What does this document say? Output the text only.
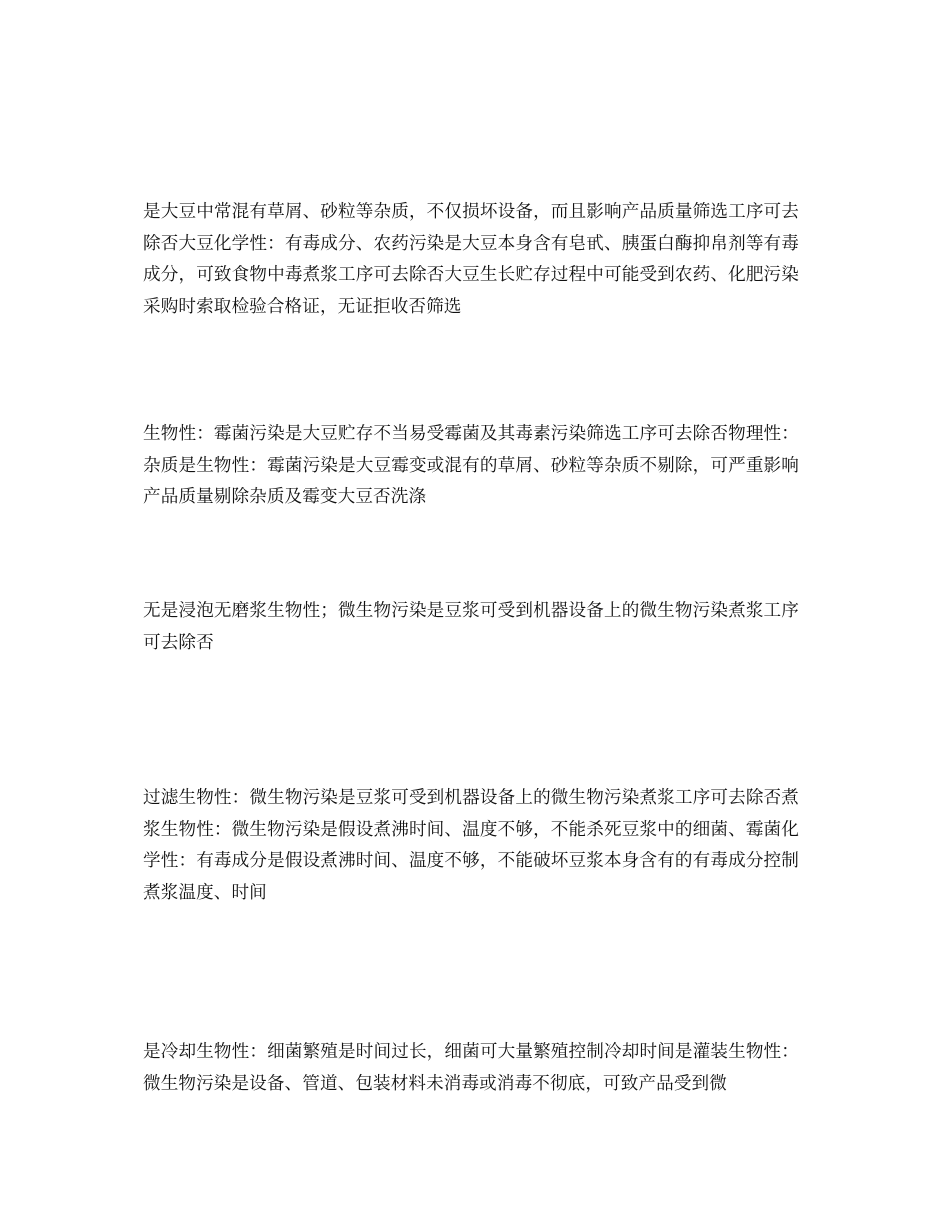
是大豆中常混有草屑、砂粒等杂质，不仅损坏设备，而且影响产品质量筛选工序可去除否大豆化学性：有毒成分、农药污染是大豆本身含有皂甙、胰蛋白酶抑帛剂等有毒成分，可致食物中毒煮浆工序可去除否大豆生长贮存过程中可能受到农药、化肥污染采购时索取检验合格证，无证拒收否筛选

生物性：霉菌污染是大豆贮存不当易受霉菌及其毒素污染筛选工序可去除否物理性：杂质是生物性：霉菌污染是大豆霉变或混有的草屑、砂粒等杂质不剔除，可严重影响产品质量剔除杂质及霉变大豆否洗涤

无是浸泡无磨浆生物性；微生物污染是豆浆可受到机器设备上的微生物污染煮浆工序可去除否

过滤生物性：微生物污染是豆浆可受到机器设备上的微生物污染煮浆工序可去除否煮浆生物性：微生物污染是假设煮沸时间、温度不够，不能杀死豆浆中的细菌、霉菌化学性：有毒成分是假设煮沸时间、温度不够，不能破坏豆浆本身含有的有毒成分控制煮浆温度、时间

是冷却生物性：细菌繁殖是时间过长，细菌可大量繁殖控制冷却时间是灌装生物性：微生物污染是设备、管道、包装材料未消毒或消毒不彻底，可致产品受到微
